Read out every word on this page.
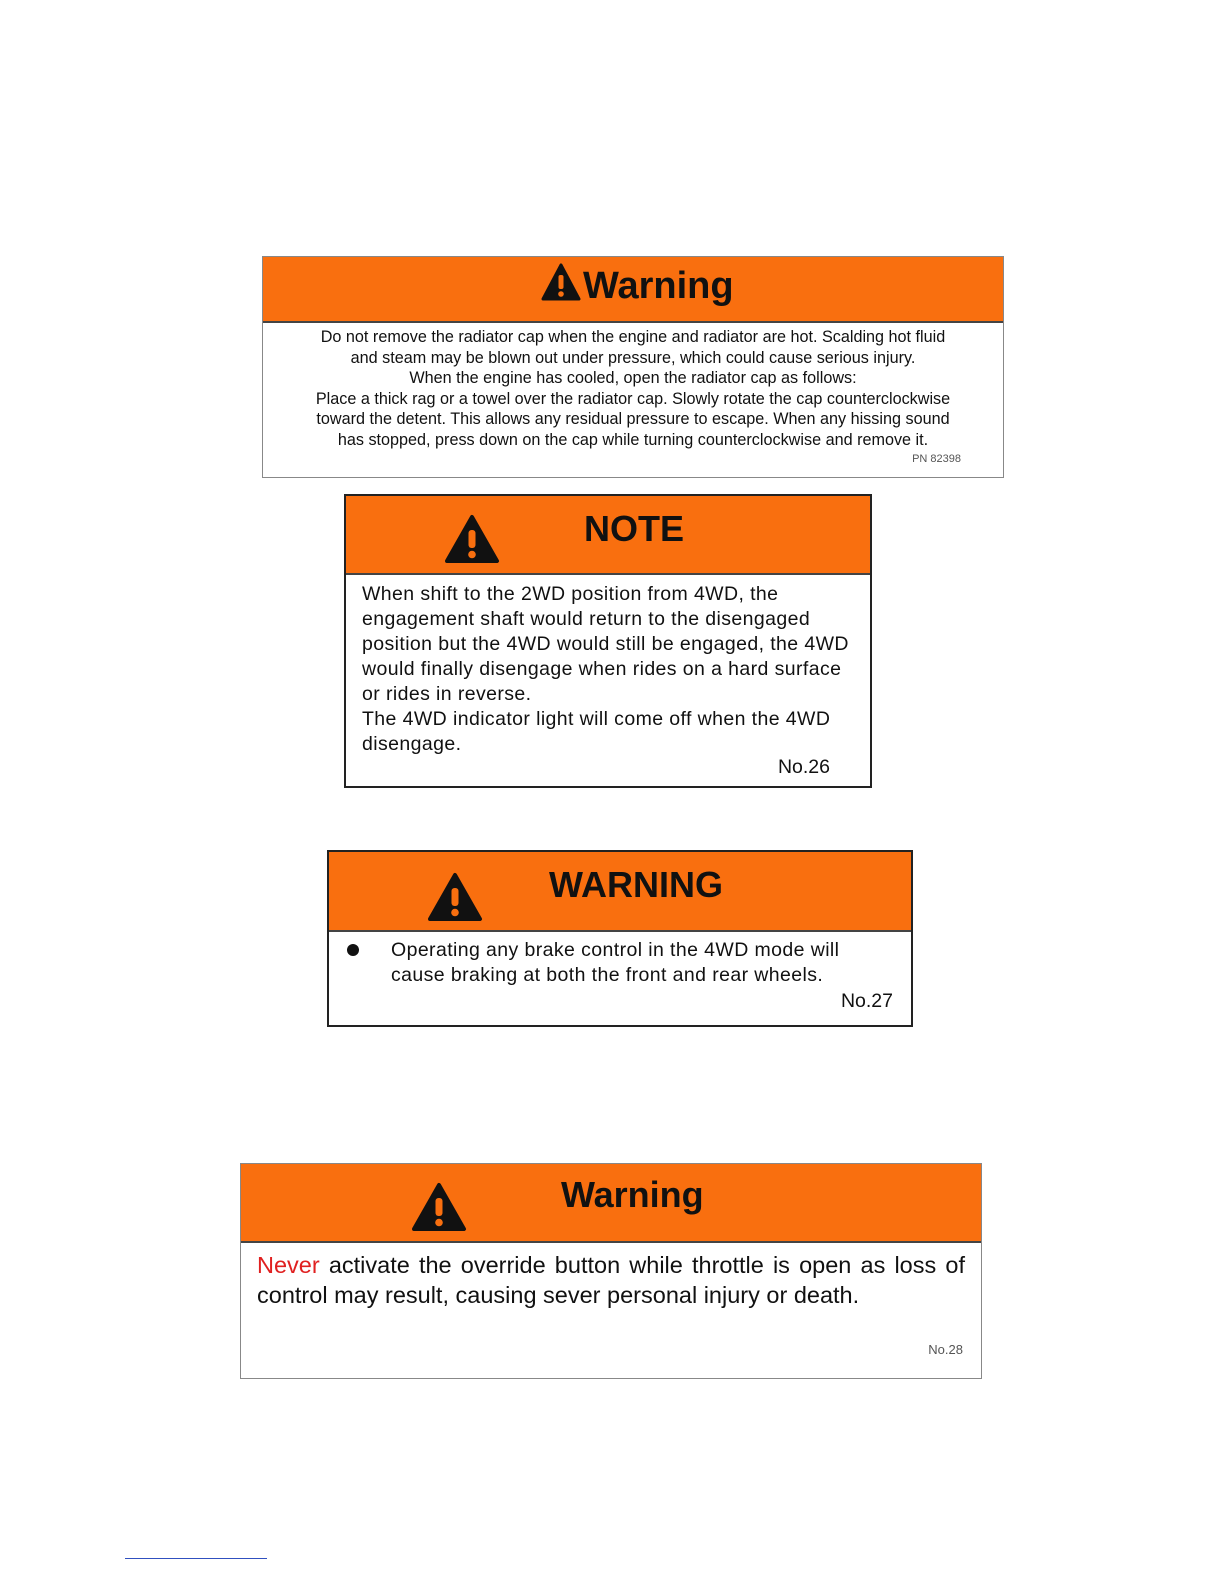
Warning

Do not remove the radiator cap when the engine and radiator are hot. Scalding hot fluid

and steam may be blown out under pressure, which could cause serious injury.

When the engine has cooled, open the radiator cap as follows:

Place a thick rag or a towel over the radiator cap. Slowly rotate the cap counterclockwise

toward the detent. This allows any residual pressure to escape. When any hissing sound

has stopped, press down on the cap while turning counterclockwise and remove it.

PN 82398
NOTE

When shift to the 2WD position from 4WD, the engagement shaft would return to the disengaged position but the 4WD would still be engaged, the 4WD would finally disengage when rides on a hard surface or rides in reverse.

The 4WD indicator light will come off when the 4WD disengage.

No.26
WARNING
Operating any brake control in the 4WD mode will cause braking at both the front and rear wheels.
No.27
Warning
Never activate the override button while throttle is open as loss of control may result, causing sever personal injury or death.
No.28
